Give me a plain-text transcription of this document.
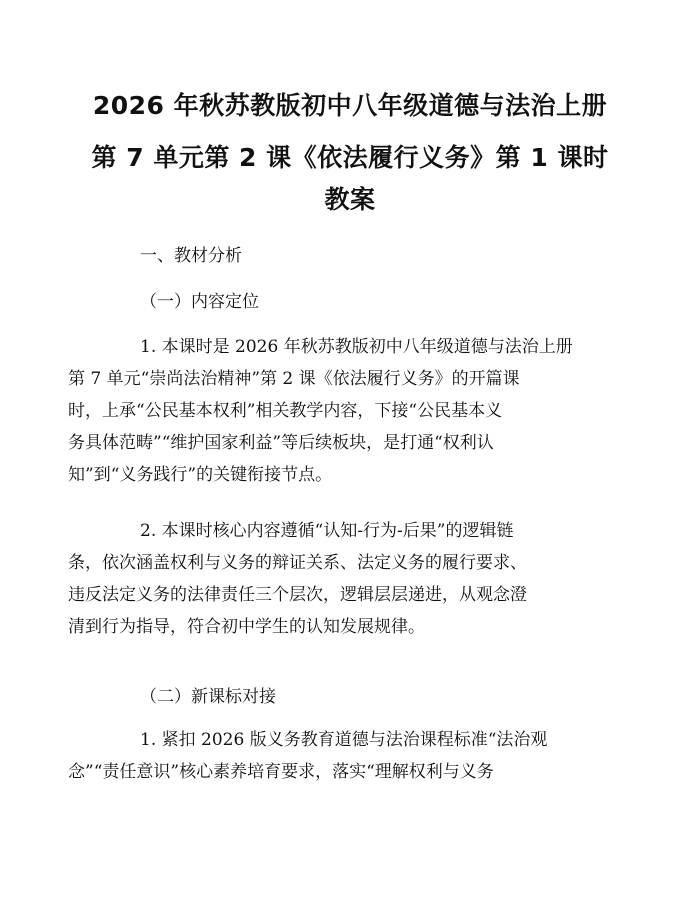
2026 年秋苏教版初中八年级道德与法治上册
第 7 单元第 2 课《依法履行义务》第 1 课时
教案
一、教材分析
（一）内容定位
1. 本课时是 2026 年秋苏教版初中八年级道德与法治上册
第 7 单元“崇尚法治精神”第 2 课《依法履行义务》的开篇课
时，上承“公民基本权利”相关教学内容，下接“公民基本义
务具体范畴”“维护国家利益”等后续板块，是打通“权利认
知”到“义务践行”的关键衔接节点。
2. 本课时核心内容遵循“认知-行为-后果”的逻辑链
条，依次涵盖权利与义务的辩证关系、法定义务的履行要求、
违反法定义务的法律责任三个层次，逻辑层层递进，从观念澄
清到行为指导，符合初中学生的认知发展规律。
（二）新课标对接
1. 紧扣 2026 版义务教育道德与法治课程标准“法治观
念”“责任意识”核心素养培育要求，落实“理解权利与义务
